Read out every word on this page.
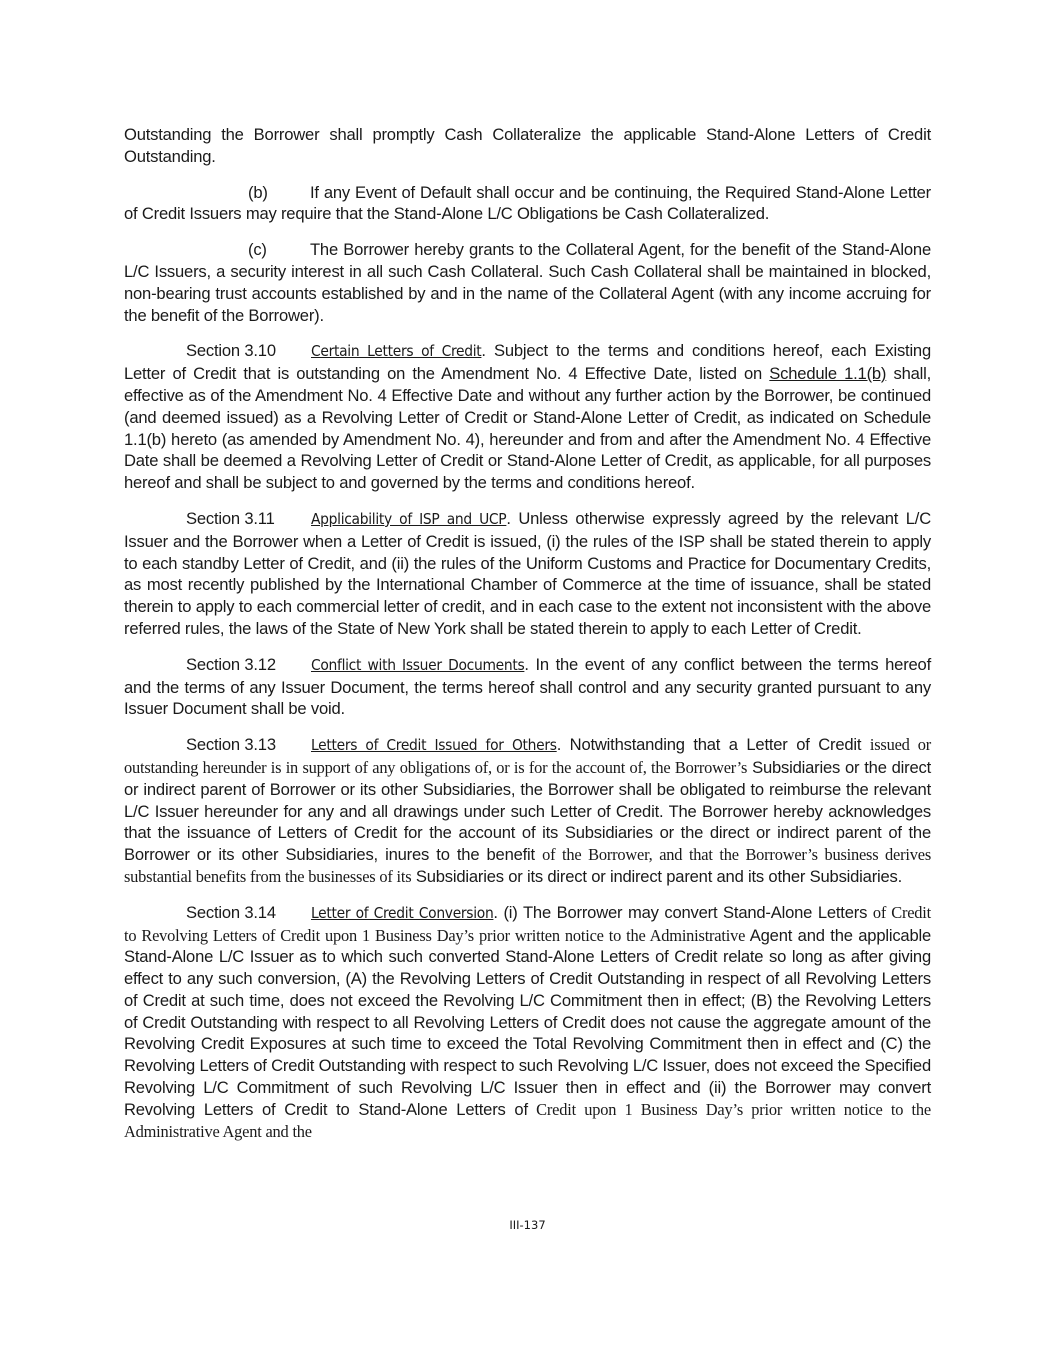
Outstanding the Borrower shall promptly Cash Collateralize the applicable Stand-Alone Letters of Credit Outstanding.

(b)	If any Event of Default shall occur and be continuing, the Required Stand-Alone Letter of Credit Issuers may require that the Stand-Alone L/C Obligations be Cash Collateralized.

(c)	The Borrower hereby grants to the Collateral Agent, for the benefit of the Stand-Alone L/C Issuers, a security interest in all such Cash Collateral. Such Cash Collateral shall be maintained in blocked, non-bearing trust accounts established by and in the name of the Collateral Agent (with any income accruing for the benefit of the Borrower).

Section 3.10 Certain Letters of Credit. Subject to the terms and conditions hereof, each Existing Letter of Credit that is outstanding on the Amendment No. 4 Effective Date, listed on Schedule 1.1(b) shall, effective as of the Amendment No. 4 Effective Date and without any further action by the Borrower, be continued (and deemed issued) as a Revolving Letter of Credit or Stand-Alone Letter of Credit, as indicated on Schedule 1.1(b) hereto (as amended by Amendment No. 4), hereunder and from and after the Amendment No. 4 Effective Date shall be deemed a Revolving Letter of Credit or Stand-Alone Letter of Credit, as applicable, for all purposes hereof and shall be subject to and governed by the terms and conditions hereof.

Section 3.11 Applicability of ISP and UCP. Unless otherwise expressly agreed by the relevant L/C Issuer and the Borrower when a Letter of Credit is issued, (i) the rules of the ISP shall be stated therein to apply to each standby Letter of Credit, and (ii) the rules of the Uniform Customs and Practice for Documentary Credits, as most recently published by the International Chamber of Commerce at the time of issuance, shall be stated therein to apply to each commercial letter of credit, and in each case to the extent not inconsistent with the above referred rules, the laws of the State of New York shall be stated therein to apply to each Letter of Credit.

Section 3.12 Conflict with Issuer Documents. In the event of any conflict between the terms hereof and the terms of any Issuer Document, the terms hereof shall control and any security granted pursuant to any Issuer Document shall be void.

Section 3.13 Letters of Credit Issued for Others. Notwithstanding that a Letter of Credit issued or outstanding hereunder is in support of any obligations of, or is for the account of, the Borrower’s Subsidiaries or the direct or indirect parent of Borrower or its other Subsidiaries, the Borrower shall be obligated to reimburse the relevant L/C Issuer hereunder for any and all drawings under such Letter of Credit. The Borrower hereby acknowledges that the issuance of Letters of Credit for the account of its Subsidiaries or the direct or indirect parent of the Borrower or its other Subsidiaries, inures to the benefit of the Borrower, and that the Borrower’s business derives substantial benefits from the businesses of its Subsidiaries or its direct or indirect parent and its other Subsidiaries.

Section 3.14 Letter of Credit Conversion. (i) The Borrower may convert Stand-Alone Letters of Credit to Revolving Letters of Credit upon 1 Business Day’s prior written notice to the Administrative Agent and the applicable Stand-Alone L/C Issuer as to which such converted Stand-Alone Letters of Credit relate so long as after giving effect to any such conversion, (A) the Revolving Letters of Credit Outstanding in respect of all Revolving Letters of Credit at such time, does not exceed the Revolving L/C Commitment then in effect; (B) the Revolving Letters of Credit Outstanding with respect to all Revolving Letters of Credit does not cause the aggregate amount of the Revolving Credit Exposures at such time to exceed the Total Revolving Commitment then in effect and (C) the Revolving Letters of Credit Outstanding with respect to such Revolving L/C Issuer, does not exceed the Specified Revolving L/C Commitment of such Revolving L/C Issuer then in effect and (ii) the Borrower may convert Revolving Letters of Credit to Stand-Alone Letters of Credit upon 1 Business Day’s prior written notice to the Administrative Agent and the

III-137
